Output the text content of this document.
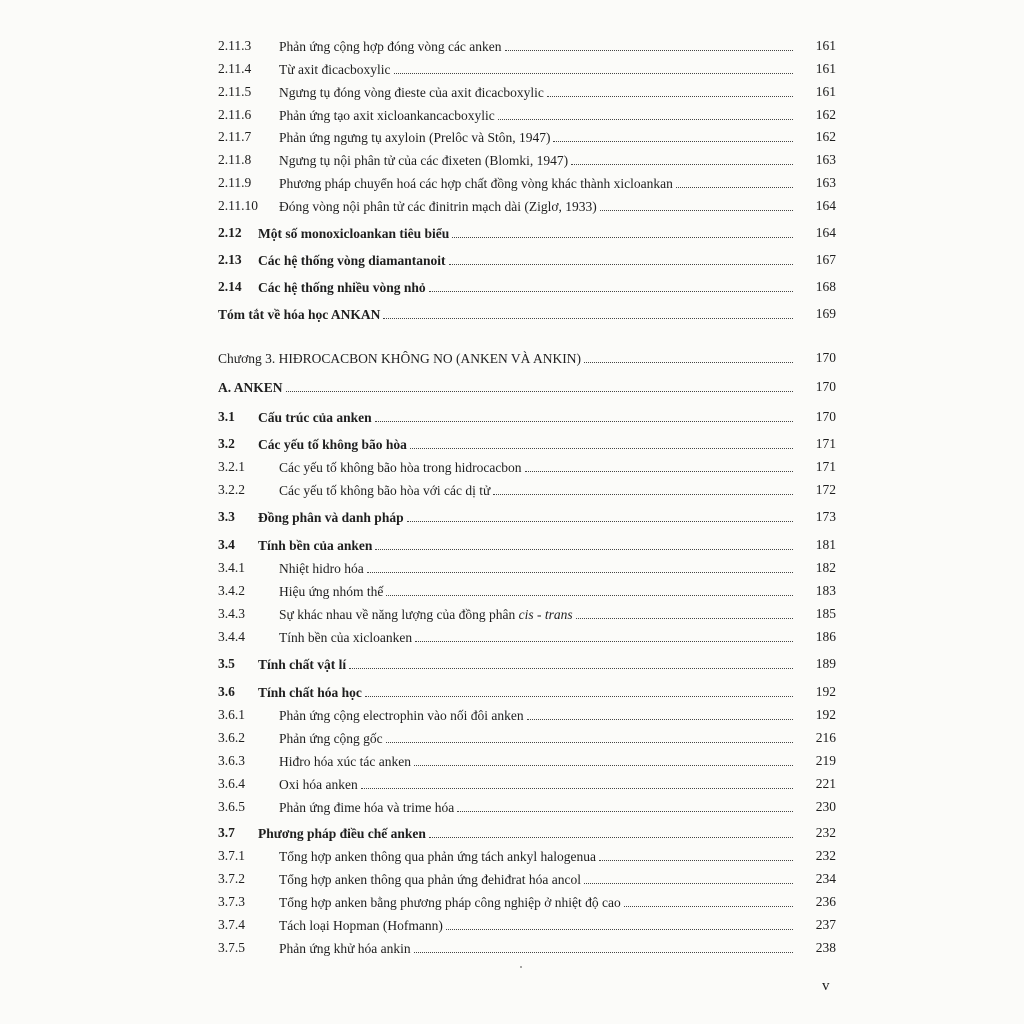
2.11.3 Phản ứng cộng hợp đóng vòng các anken	161
2.11.4 Từ axit đicacboxylic	161
2.11.5 Ngưng tụ đóng vòng đieste của axit đicacboxylic	161
2.11.6 Phản ứng tạo axit xicloankancacboxylic	162
2.11.7 Phản ứng ngưng tụ axyloin (Prelôc và Stôn, 1947)	162
2.11.8 Ngưng tụ nội phân tử của các đixeten (Blomki, 1947)	163
2.11.9 Phương pháp chuyển hoá các hợp chất đồng vòng khác thành xicloankan	163
2.11.10 Đóng vòng nội phân tử các đinitrin mạch dài (Ziglơ, 1933)	164
2.12 Một số monoxicloankan tiêu biểu	164
2.13 Các hệ thống vòng diamantanoit	167
2.14 Các hệ thống nhiều vòng nhỏ	168
Tóm tắt về hóa học ANKAN	169
Chương 3. HIĐROCACBON KHÔNG NO (ANKEN VÀ ANKIN)	170
A. ANKEN	170
3.1 Cấu trúc của anken	170
3.2 Các yếu tố không bão hòa	171
3.2.1	Các yếu tố không bão hòa trong hidrocacbon	171
3.2.2	Các yếu tố không bão hòa với các dị tử	172
3.3 Đồng phân và danh pháp	173
3.4 Tính bền của anken	181
3.4.1	Nhiệt hidro hóa	182
3.4.2	Hiệu ứng nhóm thế	183
3.4.3	Sự khác nhau về năng lượng của đồng phân cis - trans	185
3.4.4	Tính bền của xicloanken	186
3.5 Tính chất vật lí	189
3.6 Tính chất hóa học	192
3.6.1	Phản ứng cộng electrophin vào nối đôi anken	192
3.6.2	Phản ứng cộng gốc	216
3.6.3	Hiđro hóa xúc tác anken	219
3.6.4	Oxi hóa anken	221
3.6.5	Phản ứng đime hóa và trime hóa	230
3.7 Phương pháp điều chế anken	232
3.7.1	Tổng hợp anken thông qua phản ứng tách ankyl halogenua	232
3.7.2	Tổng hợp anken thông qua phản ứng đehiđrat hóa ancol	234
3.7.3	Tổng hợp anken bằng phương pháp công nghiệp ở nhiệt độ cao	236
3.7.4	Tách loại Hopman (Hofmann)	237
3.7.5	Phản ứng khử hóa ankin	238
v
